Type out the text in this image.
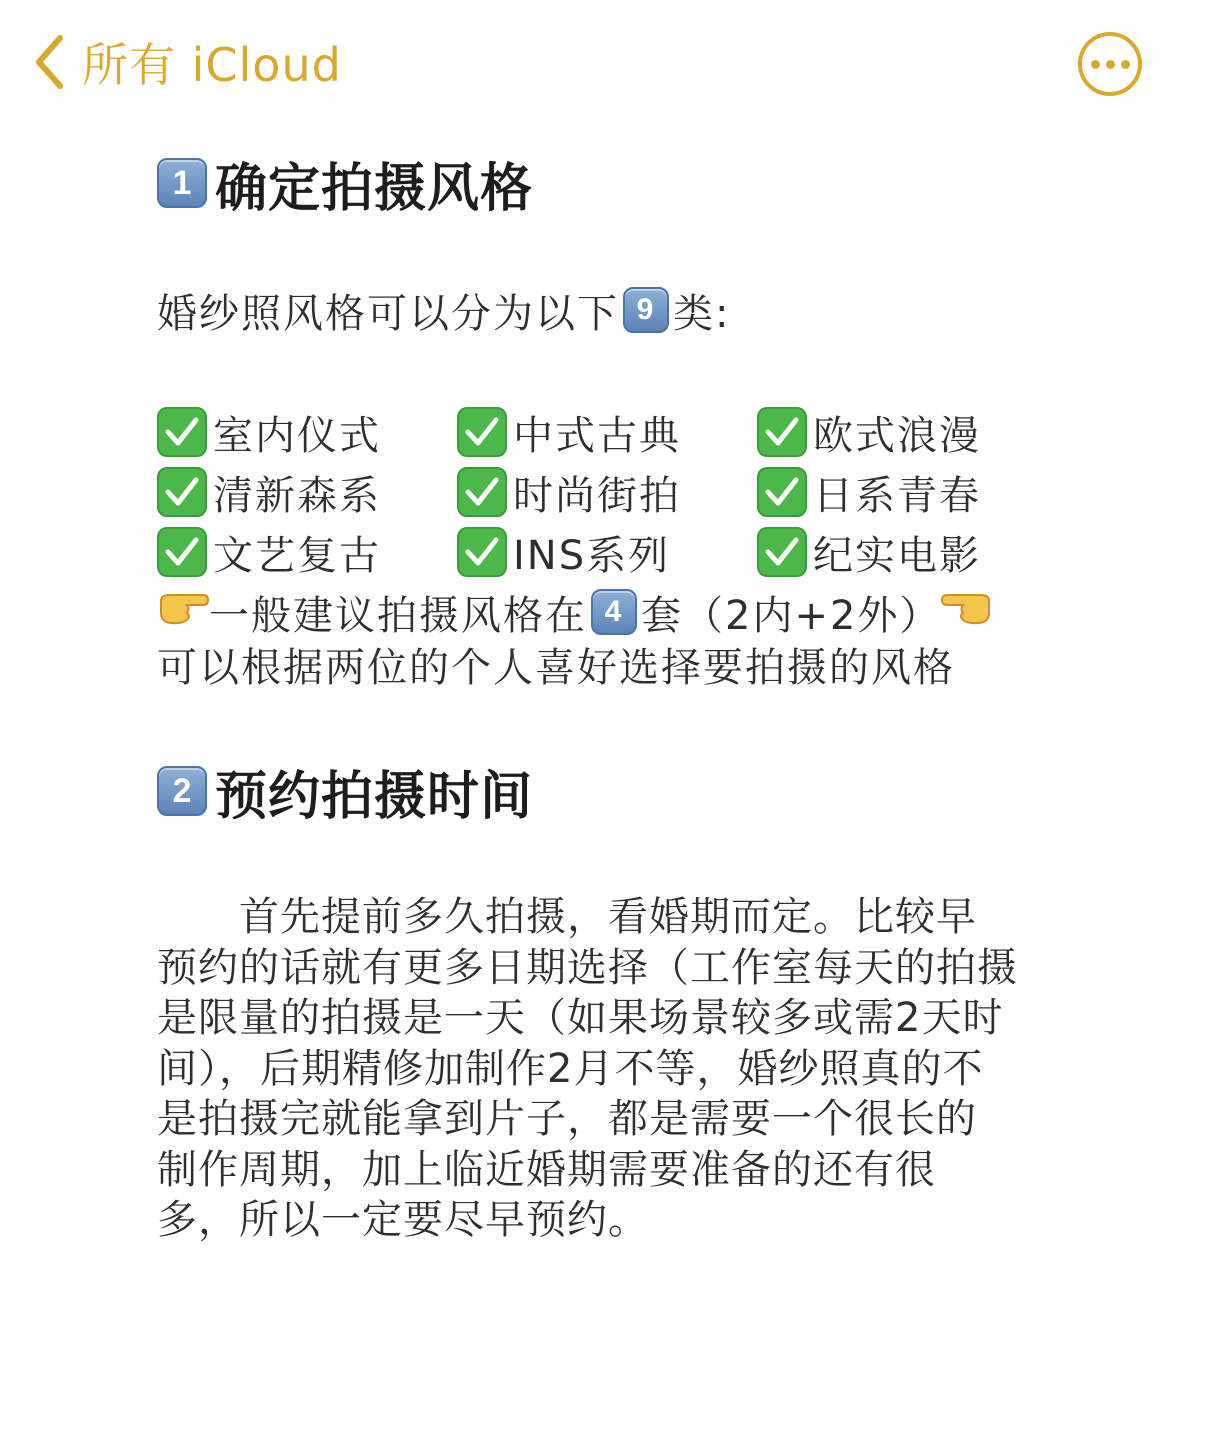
所有 iCloud
1 确定拍摄风格
婚纱照风格可以分为以下 9 类:
室内仪式	中式古典	欧式浪漫
清新森系	时尚街拍	日系青春
文艺复古	INS系列	纪实电影
一般建议拍摄风格在 4 套（2内+2外）
可以根据两位的个人喜好选择要拍摄的风格
2 预约拍摄时间
　　首先提前多久拍摄，看婚期而定。比较早
预约的话就有更多日期选择（工作室每天的拍摄
是限量的拍摄是一天（如果场景较多或需2天时
间），后期精修加制作2月不等，婚纱照真的不
是拍摄完就能拿到片子，都是需要一个很长的
制作周期，加上临近婚期需要准备的还有很
多，所以一定要尽早预约。
